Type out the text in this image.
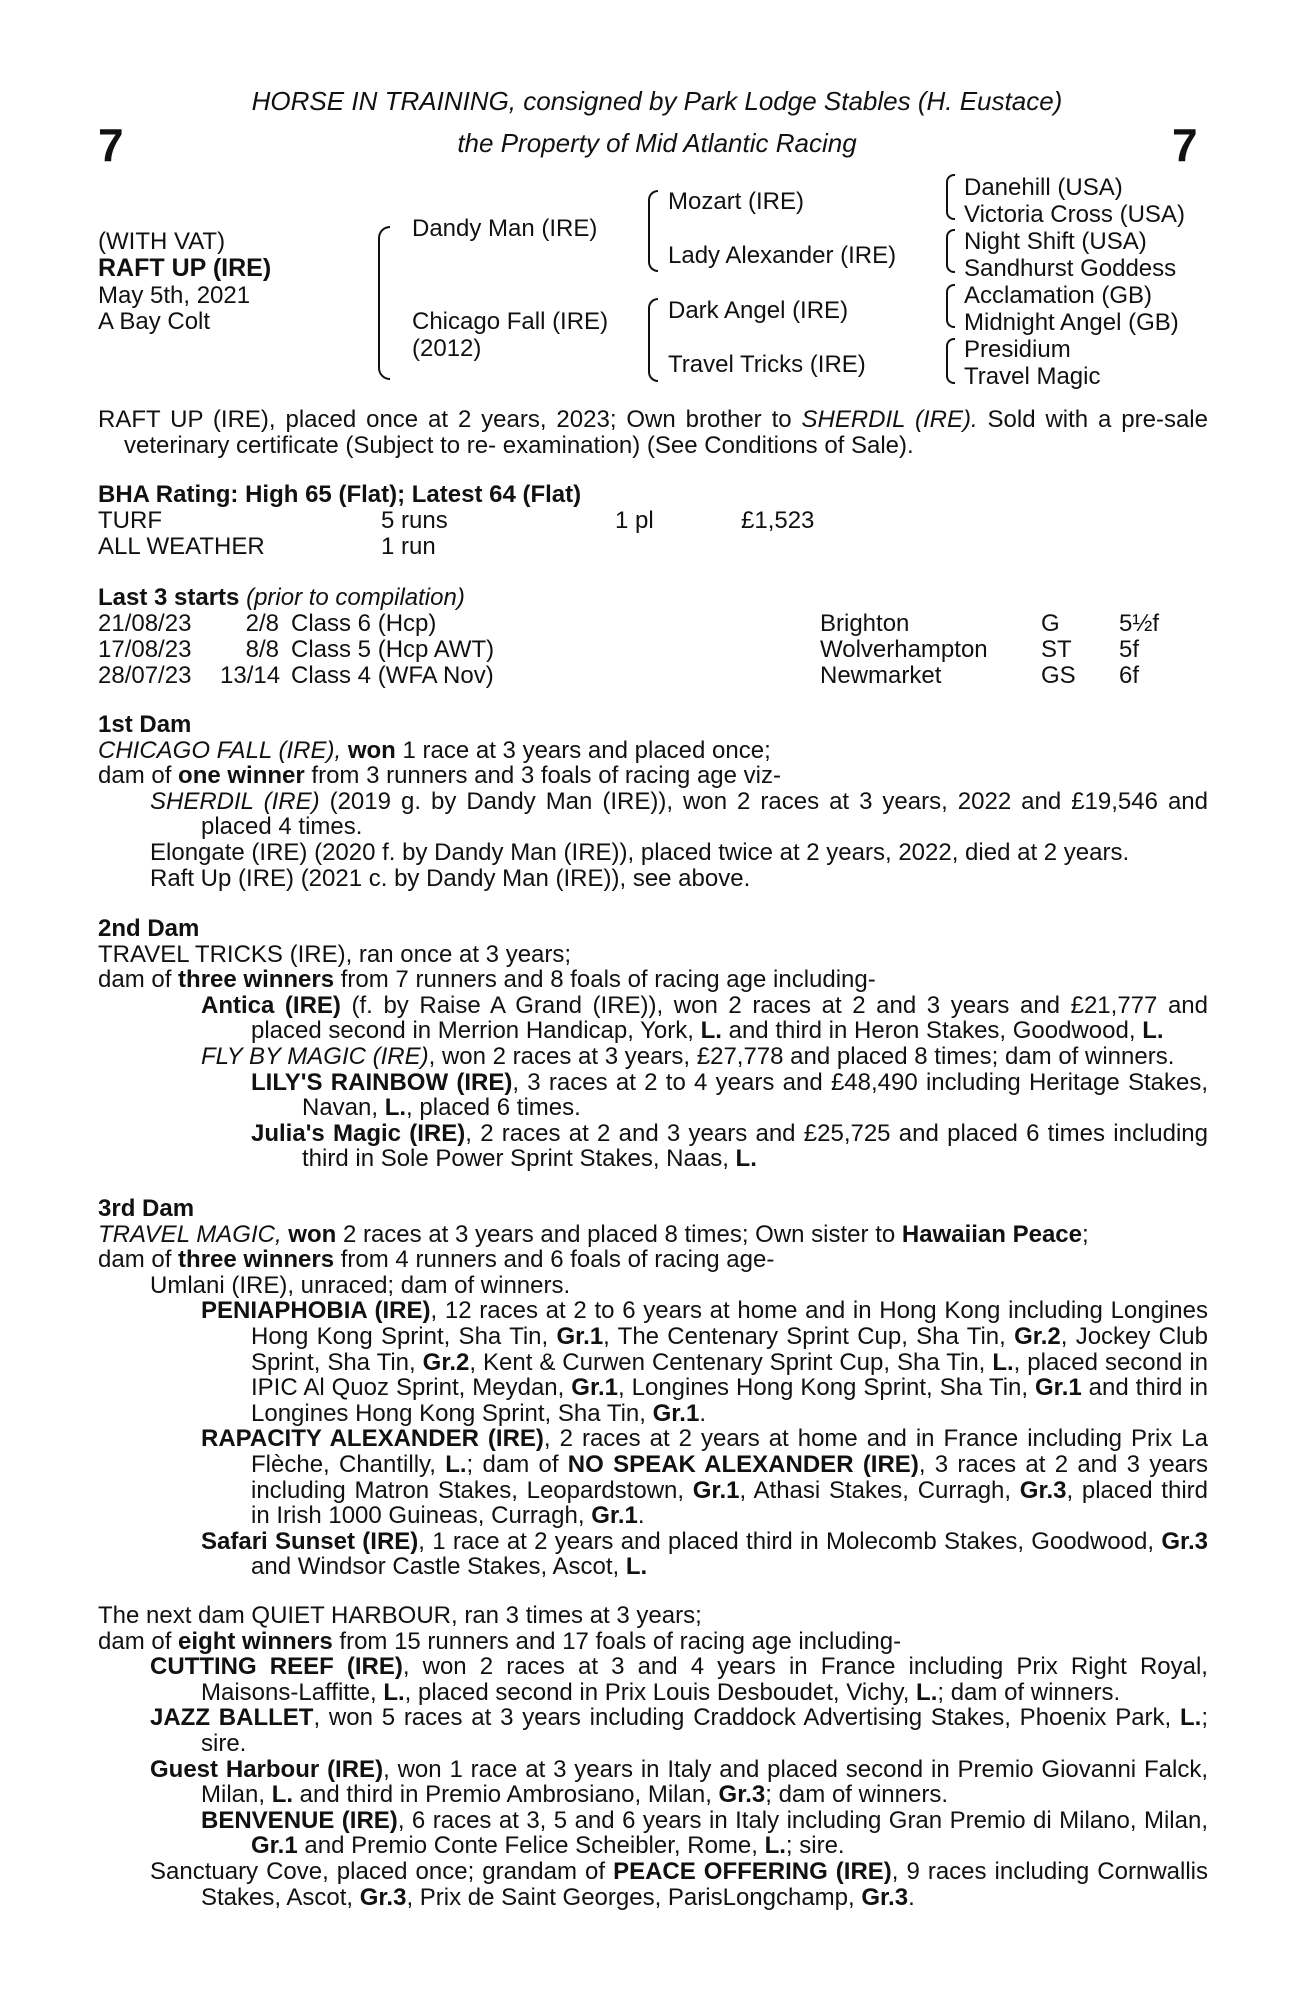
7	7
HORSE IN TRAINING, consigned by Park Lodge Stables (H. Eustace)
the Property of Mid Atlantic Racing
(WITH VAT)
RAFT UP (IRE)
May 5th, 2021
A Bay Colt
Dandy Man (IRE)
Chicago Fall (IRE)
(2012)
Mozart (IRE)
Lady Alexander (IRE)
Dark Angel (IRE)
Travel Tricks (IRE)
Danehill (USA)
Victoria Cross (USA)
Night Shift (USA)
Sandhurst Goddess
Acclamation (GB)
Midnight Angel (GB)
Presidium
Travel Magic

RAFT UP (IRE), placed once at 2 years, 2023; Own brother to SHERDIL (IRE). Sold with a pre-sale veterinary certificate (Subject to re- examination) (See Conditions of Sale).

BHA Rating: High 65 (Flat); Latest 64 (Flat)
TURF	5 runs	1 pl	£1,523
ALL WEATHER	1 run
Last 3 starts (prior to compilation)
21/08/23	2/8 Class 6 (Hcp)	Brighton	G 5½f
17/08/23	8/8 Class 5 (Hcp AWT)	Wolverhampton ST 5f
28/07/23 13/14 Class 4 (WFA Nov)	Newmarket	GS 6f

1st Dam

CHICAGO FALL (IRE), won 1 race at 3 years and placed once;

dam of one winner from 3 runners and 3 foals of racing age viz-

SHERDIL (IRE) (2019 g. by Dandy Man (IRE)), won 2 races at 3 years, 2022 and £19,546 and placed 4 times.

Elongate (IRE) (2020 f. by Dandy Man (IRE)), placed twice at 2 years, 2022, died at 2 years.

Raft Up (IRE) (2021 c. by Dandy Man (IRE)), see above.

2nd Dam

TRAVEL TRICKS (IRE), ran once at 3 years;

dam of three winners from 7 runners and 8 foals of racing age including-

Antica (IRE) (f. by Raise A Grand (IRE)), won 2 races at 2 and 3 years and £21,777 and placed second in Merrion Handicap, York, L. and third in Heron Stakes, Goodwood, L.

FLY BY MAGIC (IRE), won 2 races at 3 years, £27,778 and placed 8 times; dam of winners.

LILY'S RAINBOW (IRE), 3 races at 2 to 4 years and £48,490 including Heritage Stakes, Navan, L., placed 6 times.

Julia's Magic (IRE), 2 races at 2 and 3 years and £25,725 and placed 6 times including third in Sole Power Sprint Stakes, Naas, L.

3rd Dam

TRAVEL MAGIC, won 2 races at 3 years and placed 8 times; Own sister to Hawaiian Peace;

dam of three winners from 4 runners and 6 foals of racing age-

Umlani (IRE), unraced; dam of winners.

PENIAPHOBIA (IRE), 12 races at 2 to 6 years at home and in Hong Kong including Longines Hong Kong Sprint, Sha Tin, Gr.1, The Centenary Sprint Cup, Sha Tin, Gr.2, Jockey Club Sprint, Sha Tin, Gr.2, Kent & Curwen Centenary Sprint Cup, Sha Tin, L., placed second in IPIC Al Quoz Sprint, Meydan, Gr.1, Longines Hong Kong Sprint, Sha Tin, Gr.1 and third in Longines Hong Kong Sprint, Sha Tin, Gr.1.

RAPACITY ALEXANDER (IRE), 2 races at 2 years at home and in France including Prix La Flèche, Chantilly, L.; dam of NO SPEAK ALEXANDER (IRE), 3 races at 2 and 3 years including Matron Stakes, Leopardstown, Gr.1, Athasi Stakes, Curragh, Gr.3, placed third in Irish 1000 Guineas, Curragh, Gr.1.

Safari Sunset (IRE), 1 race at 2 years and placed third in Molecomb Stakes, Goodwood, Gr.3 and Windsor Castle Stakes, Ascot, L.

The next dam QUIET HARBOUR, ran 3 times at 3 years;

dam of eight winners from 15 runners and 17 foals of racing age including-

CUTTING REEF (IRE), won 2 races at 3 and 4 years in France including Prix Right Royal, Maisons-Laffitte, L., placed second in Prix Louis Desboudet, Vichy, L.; dam of winners.

JAZZ BALLET, won 5 races at 3 years including Craddock Advertising Stakes, Phoenix Park, L.; sire.

Guest Harbour (IRE), won 1 race at 3 years in Italy and placed second in Premio Giovanni Falck, Milan, L. and third in Premio Ambrosiano, Milan, Gr.3; dam of winners.

BENVENUE (IRE), 6 races at 3, 5 and 6 years in Italy including Gran Premio di Milano, Milan, Gr.1 and Premio Conte Felice Scheibler, Rome, L.; sire.

Sanctuary Cove, placed once; grandam of PEACE OFFERING (IRE), 9 races including Cornwallis Stakes, Ascot, Gr.3, Prix de Saint Georges, ParisLongchamp, Gr.3.
